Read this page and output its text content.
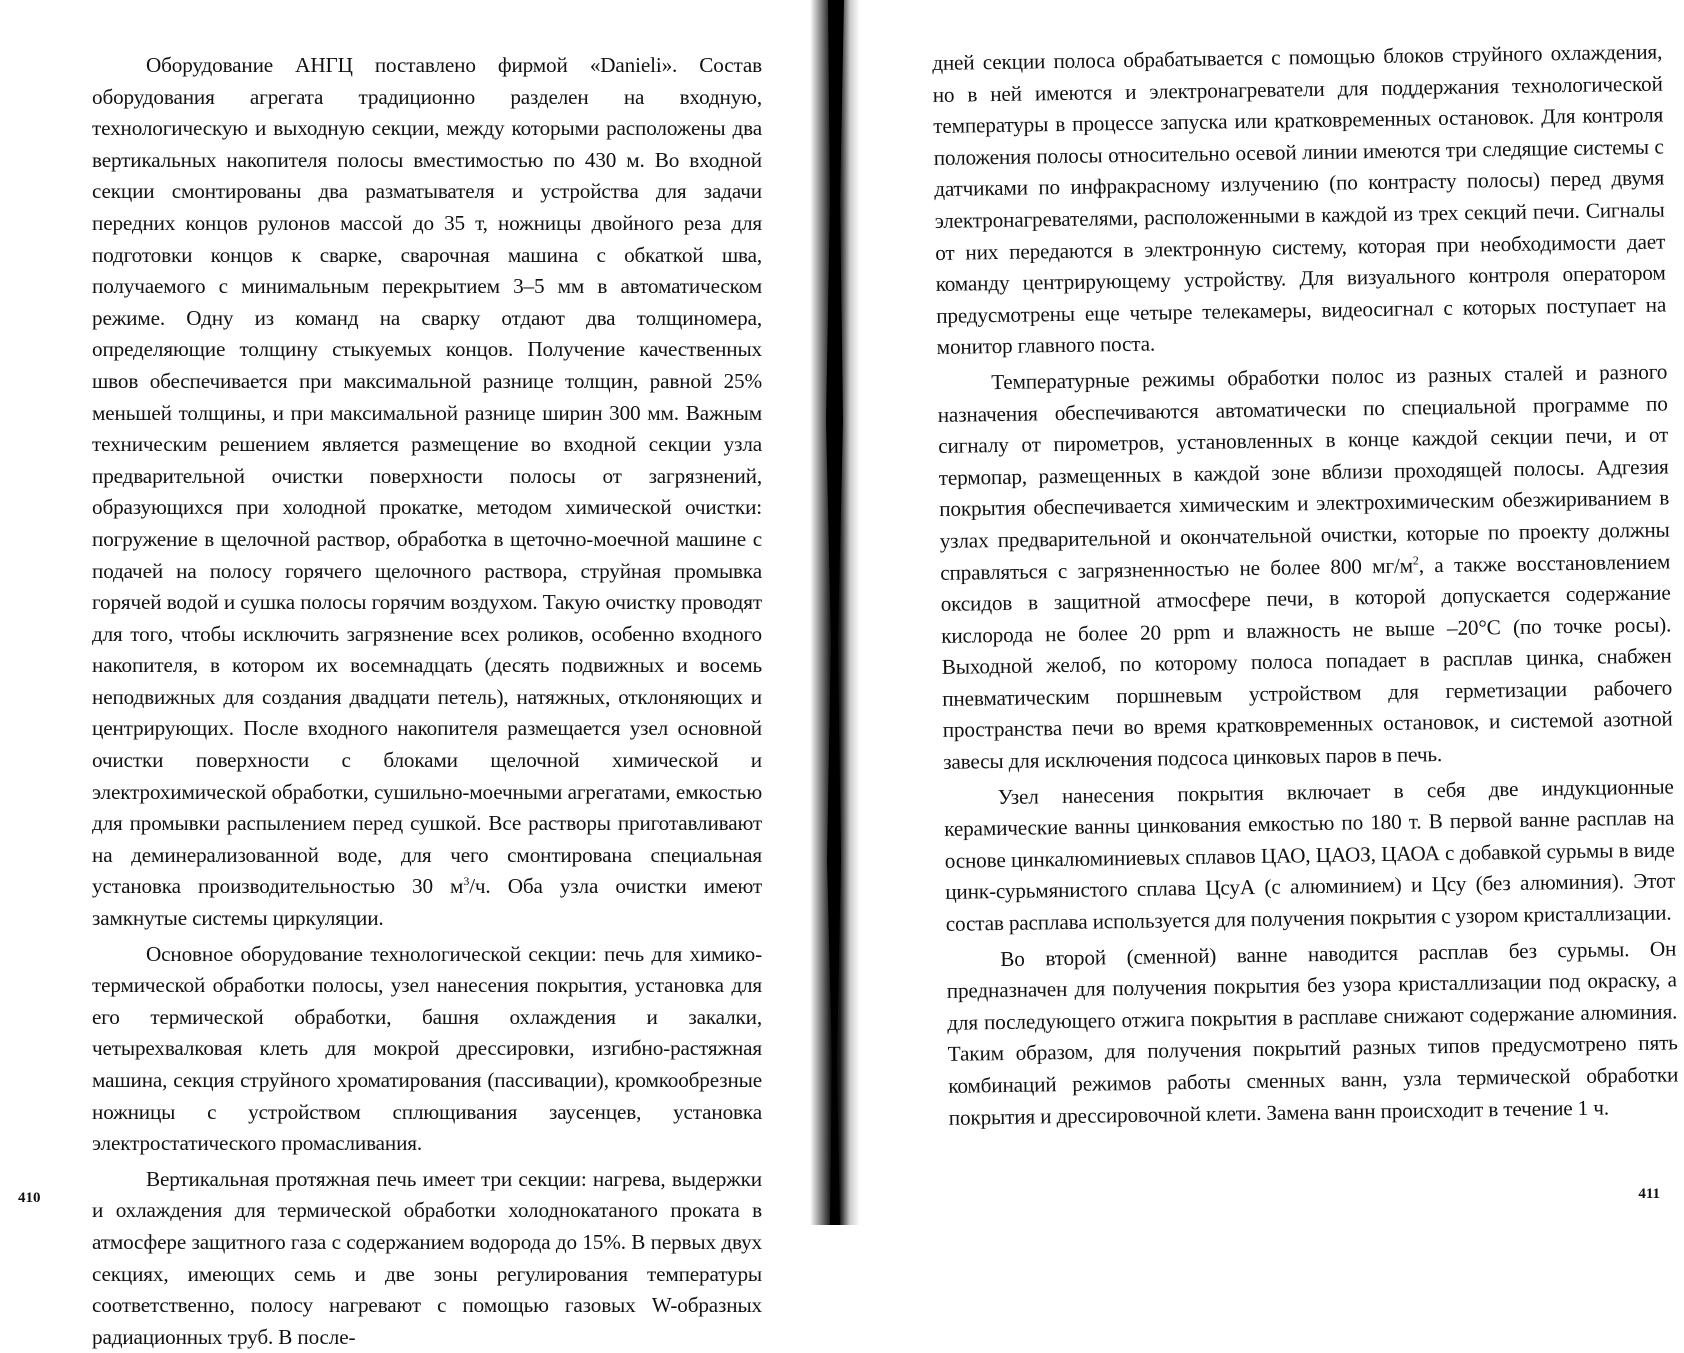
Оборудование АНГЦ поставлено фирмой «Danieli». Состав оборудования агрегата традиционно разделен на входную, технологическую и выходную секции, между которыми расположены два вертикальных накопителя полосы вместимостью по 430 м. Во входной секции смонтированы два разматывателя и устройства для задачи передних концов рулонов массой до 35 т, ножницы двойного реза для подготовки концов к сварке, сварочная машина с обкаткой шва, получаемого с минимальным перекрытием 3–5 мм в автоматическом режиме. Одну из команд на сварку отдают два толщиномера, определяющие толщину стыкуемых концов. Получение качественных швов обеспечивается при максимальной разнице толщин, равной 25% меньшей толщины, и при максимальной разнице ширин 300 мм. Важным техническим решением является размещение во входной секции узла предварительной очистки поверхности полосы от загрязнений, образующихся при холодной прокатке, методом химической очистки: погружение в щелочной раствор, обработка в щеточно-моечной машине с подачей на полосу горячего щелочного раствора, струйная промывка горячей водой и сушка полосы горячим воздухом. Такую очистку проводят для того, чтобы исключить загрязнение всех роликов, особенно входного накопителя, в котором их восемнадцать (десять подвижных и восемь неподвижных для создания двадцати петель), натяжных, отклоняющих и центрирующих. После входного накопителя размещается узел основной очистки поверхности с блоками щелочной химической и электрохимической обработки, сушильно-моечными агрегатами, емкостью для промывки распылением перед сушкой. Все растворы приготавливают на деминерализованной воде, для чего смонтирована специальная установка производительностью 30 $м^3/ч$. Оба узла очистки имеют замкнутые системы циркуляции.

Основное оборудование технологической секции: печь для химико-термической обработки полосы, узел нанесения покрытия, установка для его термической обработки, башня охлаждения и закалки, четырехвалковая клеть для мокрой дрессировки, изгибно-растяжная машина, секция струйного хроматирования (пассивации), кромкообрезные ножницы с устройством сплющивания заусенцев, установка электростатического промасливания.

Вертикальная протяжная печь имеет три секции: нагрева, выдержки и охлаждения для термической обработки холоднокатаного проката в атмосфере защитного газа с содержанием водорода до 15%. В первых двух секциях, имеющих семь и две зоны регулирования температуры соответственно, полосу нагревают с помощью газовых W-образных радиационных труб. В после-

410

дней секции полоса обрабатывается с помощью блоков струйного охлаждения, но в ней имеются и электронагреватели для поддержания технологической температуры в процессе запуска или кратковременных остановок. Для контроля положения полосы относительно осевой линии имеются три следящие системы с датчиками по инфракрасному излучению (по контрасту полосы) перед двумя электронагревателями, расположенными в каждой из трех секций печи. Сигналы от них передаются в электронную систему, которая при необходимости дает команду центрирующему устройству. Для визуального контроля оператором предусмотрены еще четыре телекамеры, видеосигнал с которых поступает на монитор главного поста.

Температурные режимы обработки полос из разных сталей и разного назначения обеспечиваются автоматически по специальной программе по сигналу от пирометров, установленных в конце каждой секции печи, и от термопар, размещенных в каждой зоне вблизи проходящей полосы. Адгезия покрытия обеспечивается химическим и электрохимическим обезжириванием в узлах предварительной и окончательной очистки, которые по проекту должны справляться с загрязненностью не более 800 $мг/м^2$, а также восстановлением оксидов в защитной атмосфере печи, в которой допускается содержание кислорода не более 20 ppm и влажность не выше –20°С (по точке росы). Выходной желоб, по которому полоса попадает в расплав цинка, снабжен пневматическим поршневым устройством для герметизации рабочего пространства печи во время кратковременных остановок, и системой азотной завесы для исключения подсоса цинковых паров в печь.

Узел нанесения покрытия включает в себя две индукционные керамические ванны цинкования емкостью по 180 т. В первой ванне расплав на основе цинкалюминиевых сплавов ЦАО, ЦАОЗ, ЦАОА с добавкой сурьмы в виде цинк-сурьмянистого сплава ЦсуА (с алюминием) и Цсу (без алюминия). Этот состав расплава используется для получения покрытия с узором кристаллизации.

Во второй (сменной) ванне наводится расплав без сурьмы. Он предназначен для получения покрытия без узора кристаллизации под окраску, а для последующего отжига покрытия в расплаве снижают содержание алюминия. Таким образом, для получения покрытий разных типов предусмотрено пять комбинаций режимов работы сменных ванн, узла термической обработки покрытия и дрессировочной клети. Замена ванн происходит в течение 1 ч.

411
